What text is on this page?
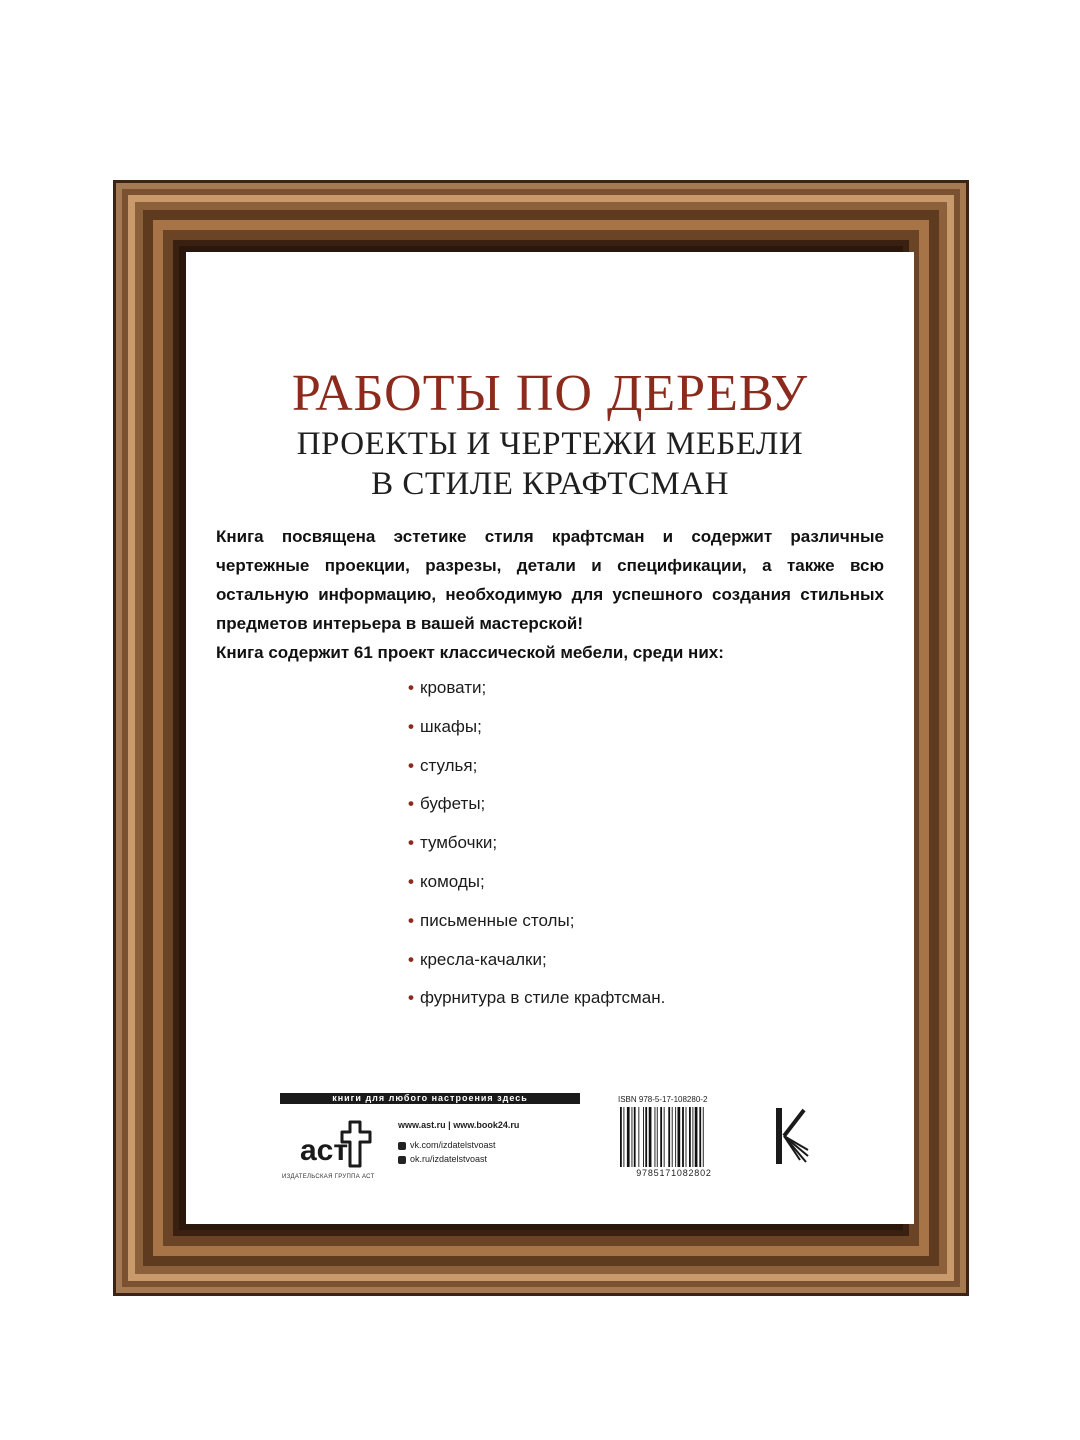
РАБОТЫ ПО ДЕРЕВУ
ПРОЕКТЫ И ЧЕРТЕЖИ МЕБЕЛИ
В СТИЛЕ КРАФТСМАН
Книга посвящена эстетике стиля крафтсман и содержит различные чертежные проекции, разрезы, детали и спецификации, а также всю остальную информацию, необходимую для успешного создания стильных предметов интерьера в вашей мастерской!
Книга содержит 61 проект классической мебели, среди них:
• кровати;
• шкафы;
• стулья;
• буфеты;
• тумбочки;
• комоды;
• письменные столы;
• кресла-качалки;
• фурнитура в стиле крафтсман.
книги для любого настроения здесь
аст
ИЗДАТЕЛЬСКАЯ ГРУППА АСТ
www.ast.ru | www.book24.ru
vk.com/izdatelstvoast
ok.ru/izdatelstvoast
ISBN 978-5-17-108280-2
9785171082802
